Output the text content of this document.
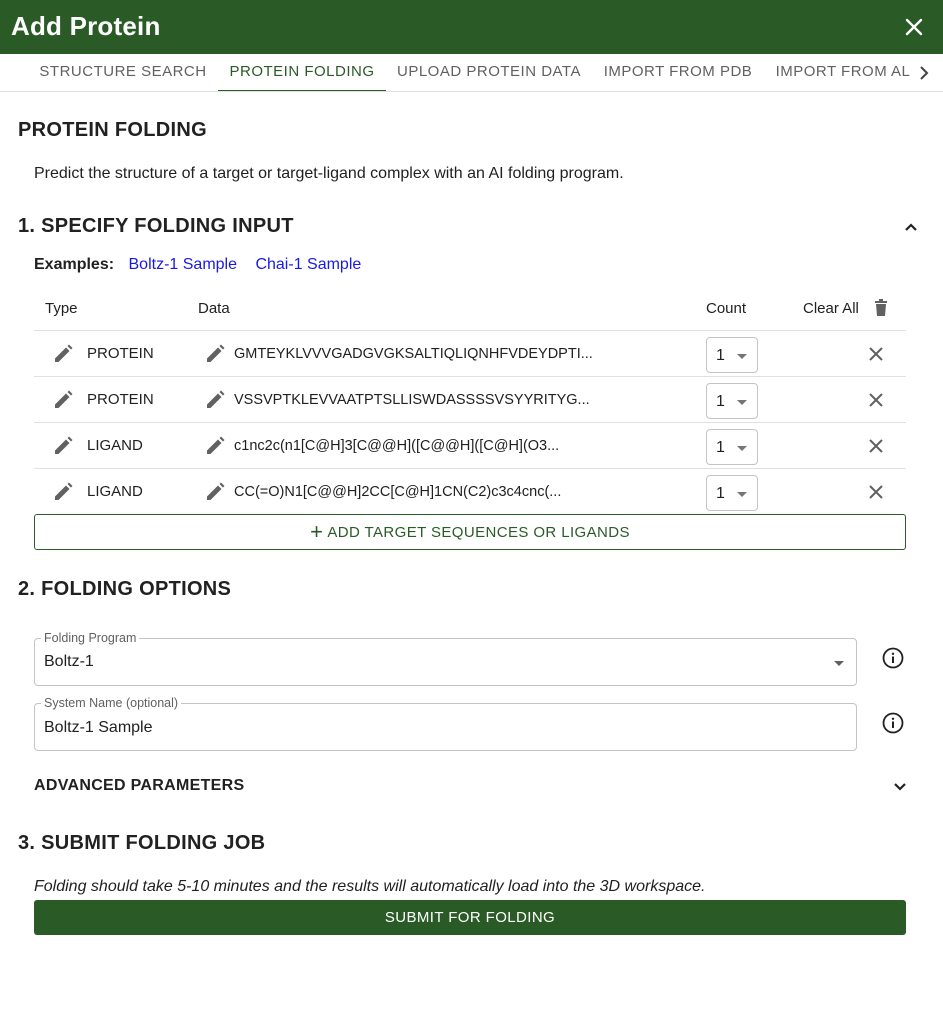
Add Protein
STRUCTURE SEARCH	PROTEIN FOLDING	UPLOAD PROTEIN DATA	IMPORT FROM PDB	IMPORT FROM AL
PROTEIN FOLDING
Predict the structure of a target or target-ligand complex with an AI folding program.
1. SPECIFY FOLDING INPUT
Examples: Boltz-1 Sample Chai-1 Sample
Type	Data	Count	Clear All
PROTEIN	GMTEYKLVVVGADGVGKSALTIQLIQNHFVDEYDPTI...	1
PROTEIN	VSSVPTKLEVVAATPTSLLISWDASSSSVSYYRITYG...	1
LIGAND	c1nc2c(n1[C@H]3[C@@H]([C@@H]([C@H](O3...	1
LIGAND	CC(=O)N1[C@@H]2CC[C@H]1CN(C2)c3c4cnc(...	1
+ ADD TARGET SEQUENCES OR LIGANDS
2. FOLDING OPTIONS
Folding Program
Boltz-1
System Name (optional)
Boltz-1 Sample
ADVANCED PARAMETERS
3. SUBMIT FOLDING JOB
Folding should take 5-10 minutes and the results will automatically load into the 3D workspace.
SUBMIT FOR FOLDING
